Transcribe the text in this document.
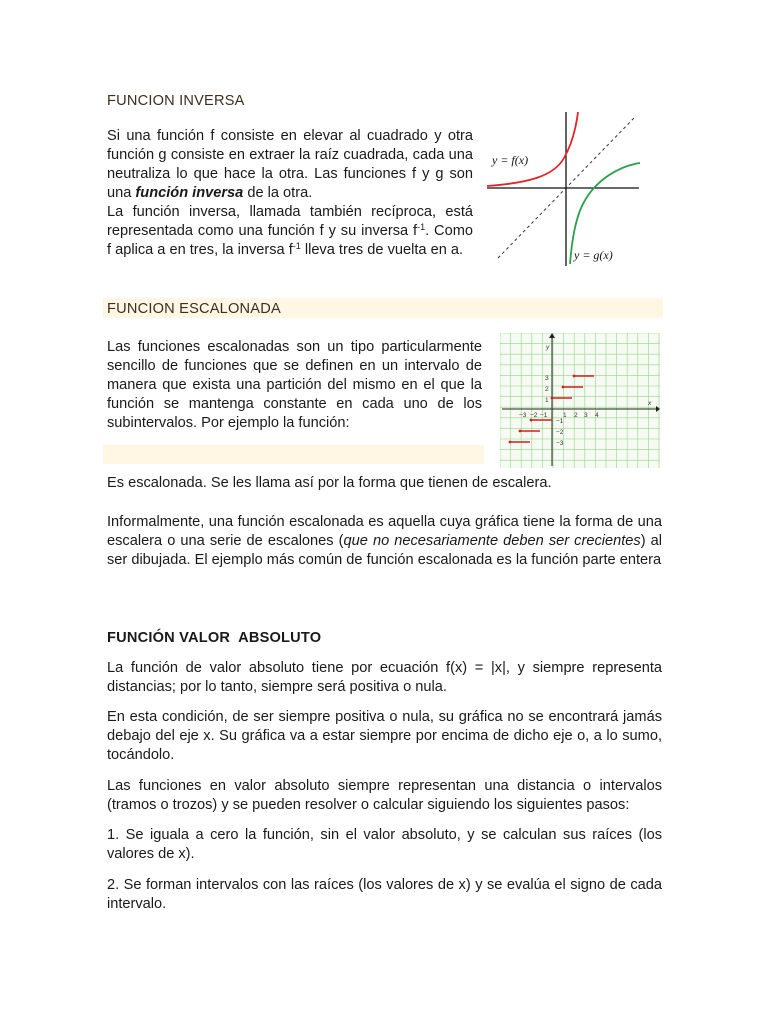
FUNCION INVERSA

Si una función f consiste en elevar al cuadrado y otra función g consiste en extraer la raíz cuadrada, cada una neutraliza lo que hace la otra. Las funciones f y g son una función inversa de la otra.

La función inversa, llamada también recíproca, está representada como una función f y su inversa $f^{-1}$. Como f aplica a en tres, la inversa $f^{-1}$ lleva tres de vuelta en a.

y = f(x)
y = g(x)
FUNCION ESCALONADA

Las funciones escalonadas son un tipo particularmente sencillo de funciones que se definen en un intervalo de manera que exista una partición del mismo en el que la función se mantenga constante en cada uno de los subintervalos. Por ejemplo la función:

x
y
−3 −2 −1 1 2 3 4
3
2
1
−1
−2
−3

Es escalonada. Se les llama así por la forma que tienen de escalera.

Informalmente, una función escalonada es aquella cuya gráfica tiene la forma de una escalera o una serie de escalones (que no necesariamente deben ser crecientes) al ser dibujada. El ejemplo más común de función escalonada es la función parte entera

FUNCIÓN VALOR  ABSOLUTO

La función de valor absoluto tiene por ecuación f(x) = |x|, y siempre representa distancias; por lo tanto, siempre será positiva o nula.

En esta condición, de ser siempre positiva o nula, su gráfica no se encontrará jamás debajo del eje x. Su gráfica va a estar siempre por encima de dicho eje o, a lo sumo, tocándolo.

Las funciones en valor absoluto siempre representan una distancia o intervalos (tramos o trozos) y se pueden resolver o calcular siguiendo los siguientes pasos:

1. Se iguala a cero la función, sin el valor absoluto, y se calculan sus raíces (los valores de x).

2. Se forman intervalos con las raíces (los valores de x) y se evalúa el signo de cada intervalo.
